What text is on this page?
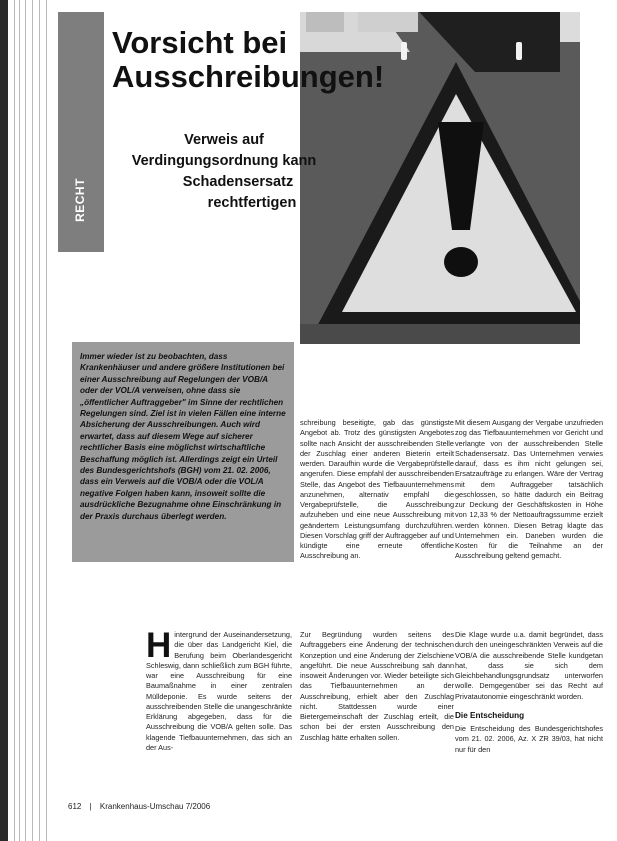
RECHT
Vorsicht bei
Ausschreibungen!
Verweis auf
Verdingungsordnung kann
Schadensersatz
rechtfertigen

Immer wieder ist zu beobachten, dass Krankenhäuser und andere größere Institutionen bei einer Ausschreibung auf Regelungen der VOB/A oder der VOL/A verweisen, ohne dass sie „öffentlicher Auftraggeber" im Sinne der rechtlichen Regelungen sind. Ziel ist in vielen Fällen eine interne Absicherung der Ausschreibungen. Auch wird erwartet, dass auf diesem Wege auf sicherer rechtlicher Basis eine möglichst wirtschaftliche Beschaffung möglich ist. Allerdings zeigt ein Urteil des Bundesgerichtshofs (BGH) vom 21. 02. 2006, dass ein Verweis auf die VOB/A oder die VOL/A negative Folgen haben kann, insoweit sollte die ausdrückliche Bezugnahme ohne Einschränkung in der Praxis durchaus überlegt werden.

schreibung beseitigte, gab das günstigste Angebot ab. Trotz des günstigsten Angebotes sollte nach Ansicht der ausschreibenden Stelle der Zuschlag einer anderen Bieterin erteilt werden. Daraufhin wurde die Vergabeprüfstelle angerufen. Diese empfahl der ausschreibenden Stelle, das Angebot des Tiefbauunternehmens anzunehmen, alternativ empfahl die Vergabeprüfstelle, die Ausschreibung aufzuheben und eine neue Ausschreibung mit geändertem Leistungsumfang durchzuführen. Diesen Vorschlag griff der Auftraggeber auf und kündigte eine erneute öffentliche Ausschreibung an.

Mit diesem Ausgang der Vergabe unzufrieden zog das Tiefbauunternehmen vor Gericht und verlangte von der ausschreibenden Stelle Schadensersatz. Das Unternehmen verwies darauf, dass es ihm nicht gelungen sei, Ersatzaufträge zu erlangen. Wäre der Vertrag mit dem Auftraggeber tatsächlich geschlossen, so hätte dadurch ein Beitrag zur Deckung der Geschäftskosten in Höhe von 12,33 % der Nettoauftragssumme erzielt werden können. Diesen Betrag klagte das Unternehmen ein. Daneben wurden die Kosten für die Teilnahme an der Ausschreibung geltend gemacht.

Hintergrund der Auseinandersetzung, die über das Landgericht Kiel, die Berufung beim Oberlandesgericht Schleswig, dann schließlich zum BGH führte, war eine Ausschreibung für eine Baumaßnahme in einer zentralen Mülldeponie. Es wurde seitens der ausschreibenden Stelle die unangeschränkte Erklärung abgegeben, dass für die Ausschreibung die VOB/A gelten solle. Das klagende Tiefbauunternehmen, das sich an der Aus-

Zur Begründung wurden seitens des Auftraggebers eine Änderung der technischen Konzeption und eine Änderung der Zielschiene angeführt. Die neue Ausschreibung sah dann insoweit Änderungen vor. Wieder beteiligte sich das Tiefbauunternehmen an der Ausschreibung, erhielt aber den Zuschlag nicht. Stattdessen wurde einer Bietergemeinschaft der Zuschlag erteilt, die schon bei der ersten Ausschreibung den Zuschlag hätte erhalten sollen.

Die Klage wurde u.a. damit begründet, dass durch den uneingeschränkten Verweis auf die VOB/A die ausschreibende Stelle kundgetan hat, dass sie sich dem Gleichbehandlungsgrundsatz unterworfen wolle. Demgegenüber sei das Recht auf Privatautonomie eingeschränkt worden.

Die Entscheidung

Die Entscheidung des Bundesgerichtshofes vom 21. 02. 2006, Az. X ZR 39/03, hat nicht nur für den

612 | Krankenhaus-Umschau 7/2006
